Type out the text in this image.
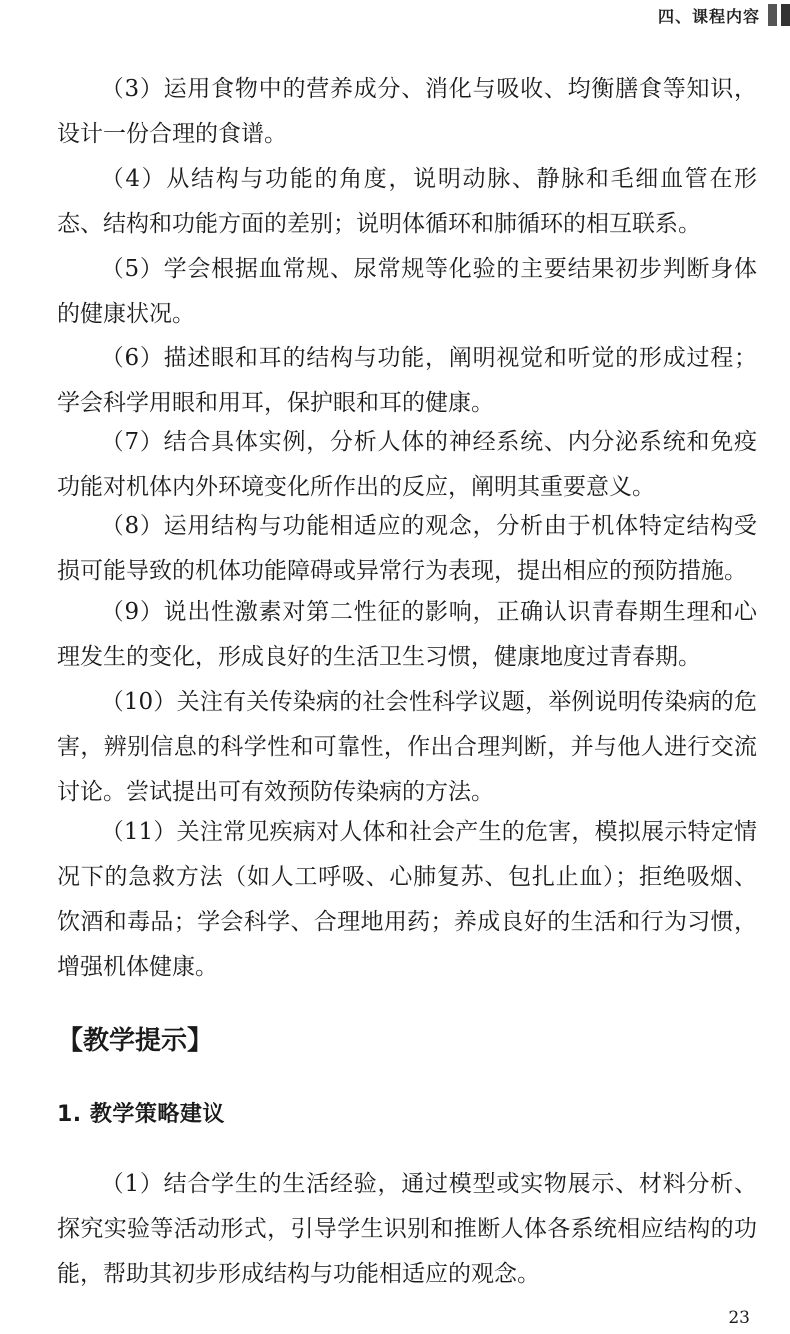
四、课程内容

（3）运用食物中的营养成分、消化与吸收、均衡膳食等知识，设计一份合理的食谱。

（4）从结构与功能的角度，说明动脉、静脉和毛细血管在形态、结构和功能方面的差别；说明体循环和肺循环的相互联系。

（5）学会根据血常规、尿常规等化验的主要结果初步判断身体的健康状况。

（6）描述眼和耳的结构与功能，阐明视觉和听觉的形成过程；学会科学用眼和用耳，保护眼和耳的健康。

（7）结合具体实例，分析人体的神经系统、内分泌系统和免疫功能对机体内外环境变化所作出的反应，阐明其重要意义。

（8）运用结构与功能相适应的观念，分析由于机体特定结构受损可能导致的机体功能障碍或异常行为表现，提出相应的预防措施。

（9）说出性激素对第二性征的影响，正确认识青春期生理和心理发生的变化，形成良好的生活卫生习惯，健康地度过青春期。

（10）关注有关传染病的社会性科学议题，举例说明传染病的危害，辨别信息的科学性和可靠性，作出合理判断，并与他人进行交流讨论。尝试提出可有效预防传染病的方法。

（11）关注常见疾病对人体和社会产生的危害，模拟展示特定情况下的急救方法（如人工呼吸、心肺复苏、包扎止血）；拒绝吸烟、饮酒和毒品；学会科学、合理地用药；养成良好的生活和行为习惯，增强机体健康。

【教学提示】
1. 教学策略建议

（1）结合学生的生活经验，通过模型或实物展示、材料分析、探究实验等活动形式，引导学生识别和推断人体各系统相应结构的功能，帮助其初步形成结构与功能相适应的观念。

23
